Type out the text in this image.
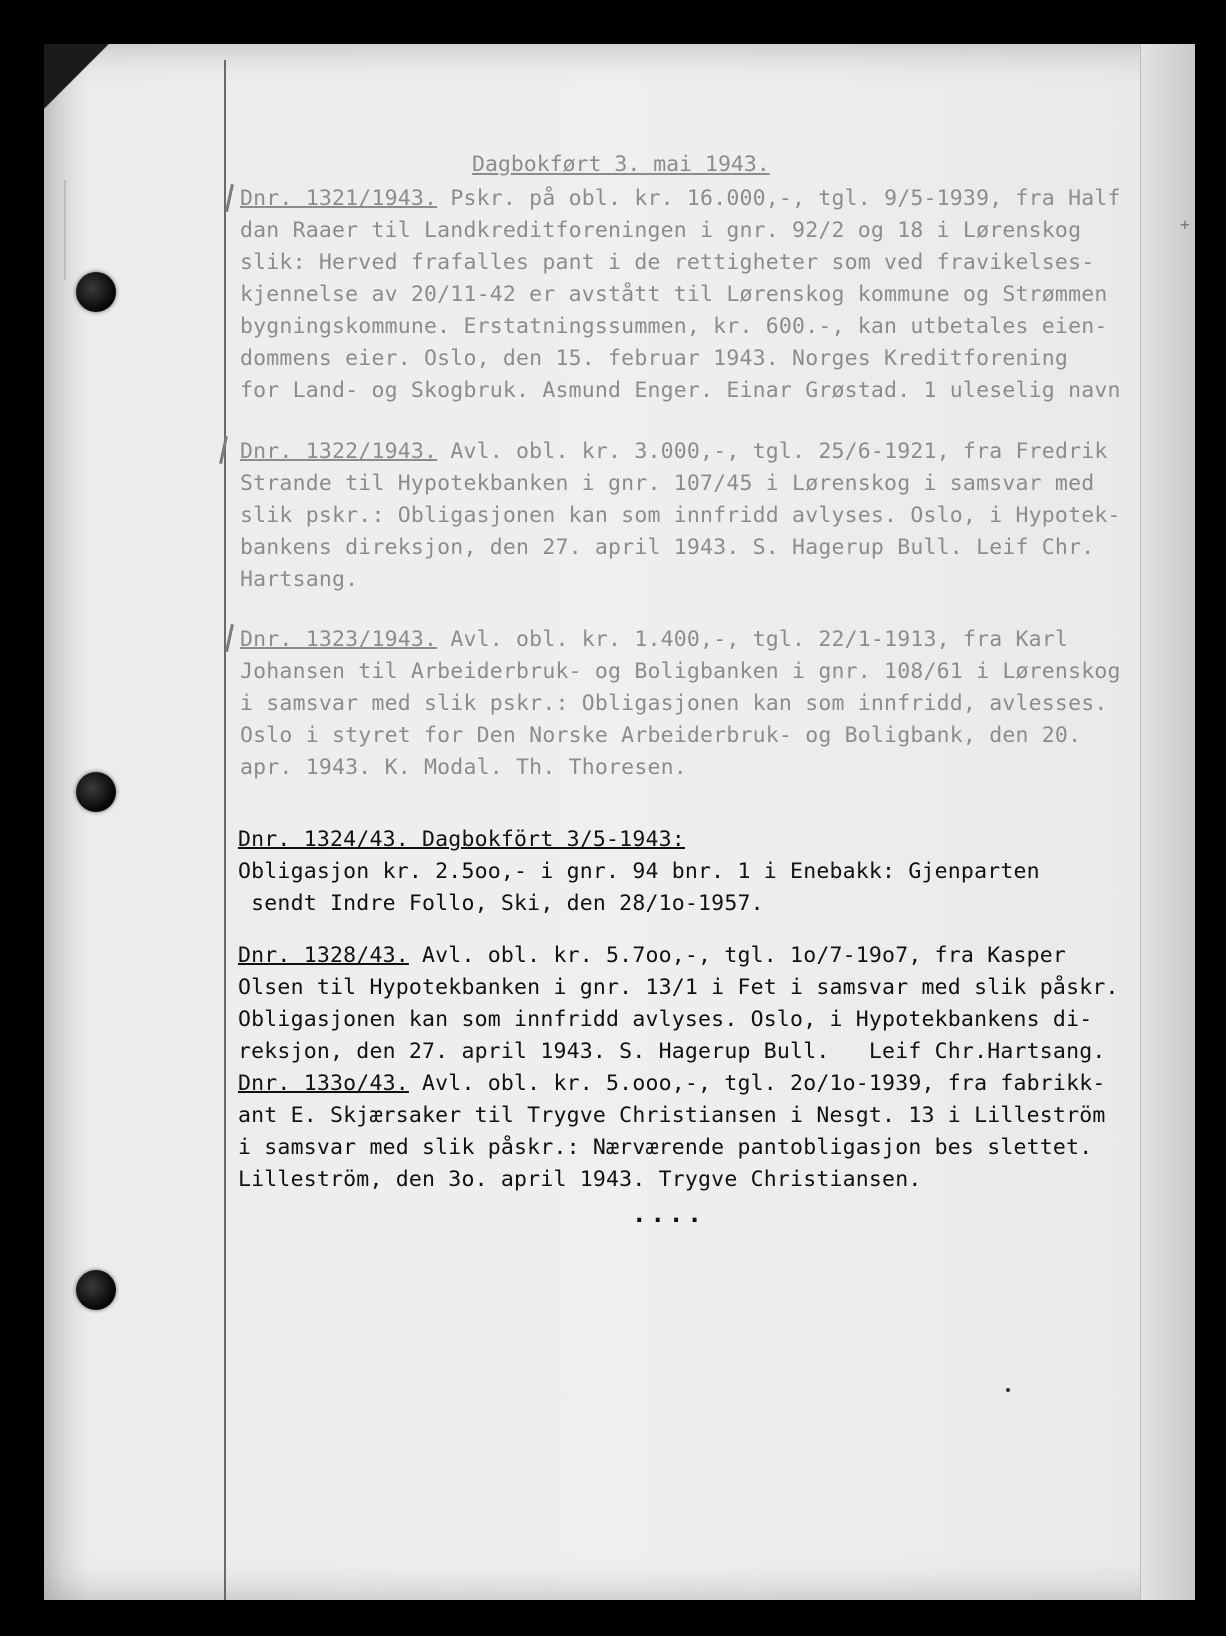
+
Dagbokført 3. mai 1943.
Dnr. 1321/1943. Pskr. på obl. kr. 16.000,-, tgl. 9/5-1939, fra Half
dan Raaer til Landkreditforeningen i gnr. 92/2 og 18 i Lørenskog
slik: Herved frafalles pant i de rettigheter som ved fravikelses-
kjennelse av 20/11-42 er avstått til Lørenskog kommune og Strømmen
bygningskommune. Erstatningssummen, kr. 600.-, kan utbetales eien-
dommens eier. Oslo, den 15. februar 1943. Norges Kreditforening
for Land- og Skogbruk. Asmund Enger. Einar Grøstad. 1 uleselig navn
Dnr. 1322/1943. Avl. obl. kr. 3.000,-, tgl. 25/6-1921, fra Fredrik
Strande til Hypotekbanken i gnr. 107/45 i Lørenskog i samsvar med
slik pskr.: Obligasjonen kan som innfridd avlyses. Oslo, i Hypotek-
bankens direksjon, den 27. april 1943. S. Hagerup Bull. Leif Chr.
Hartsang.
Dnr. 1323/1943. Avl. obl. kr. 1.400,-, tgl. 22/1-1913, fra Karl
Johansen til Arbeiderbruk- og Boligbanken i gnr. 108/61 i Lørenskog
i samsvar med slik pskr.: Obligasjonen kan som innfridd, avlesses.
Oslo i styret for Den Norske Arbeiderbruk- og Boligbank, den 20.
apr. 1943. K. Modal. Th. Thoresen.
Dnr. 1324/43. Dagbokfört 3/5-1943:
Obligasjon kr. 2.5oo,- i gnr. 94 bnr. 1 i Enebakk: Gjenparten
sendt Indre Follo, Ski, den 28/1o-1957.
Dnr. 1328/43. Avl. obl. kr. 5.7oo,-, tgl. 1o/7-19o7, fra Kasper
Olsen til Hypotekbanken i gnr. 13/1 i Fet i samsvar med slik påskr.
Obligasjonen kan som innfridd avlyses. Oslo, i Hypotekbankens di-
reksjon, den 27. april 1943. S. Hagerup Bull.   Leif Chr.Hartsang.
Dnr. 133o/43. Avl. obl. kr. 5.ooo,-, tgl. 2o/1o-1939, fra fabrikk-
ant E. Skjærsaker til Trygve Christiansen i Nesgt. 13 i Lilleström
i samsvar med slik påskr.: Nærværende pantobligasjon bes slettet.
Lilleström, den 3o. april 1943. Trygve Christiansen.
....
